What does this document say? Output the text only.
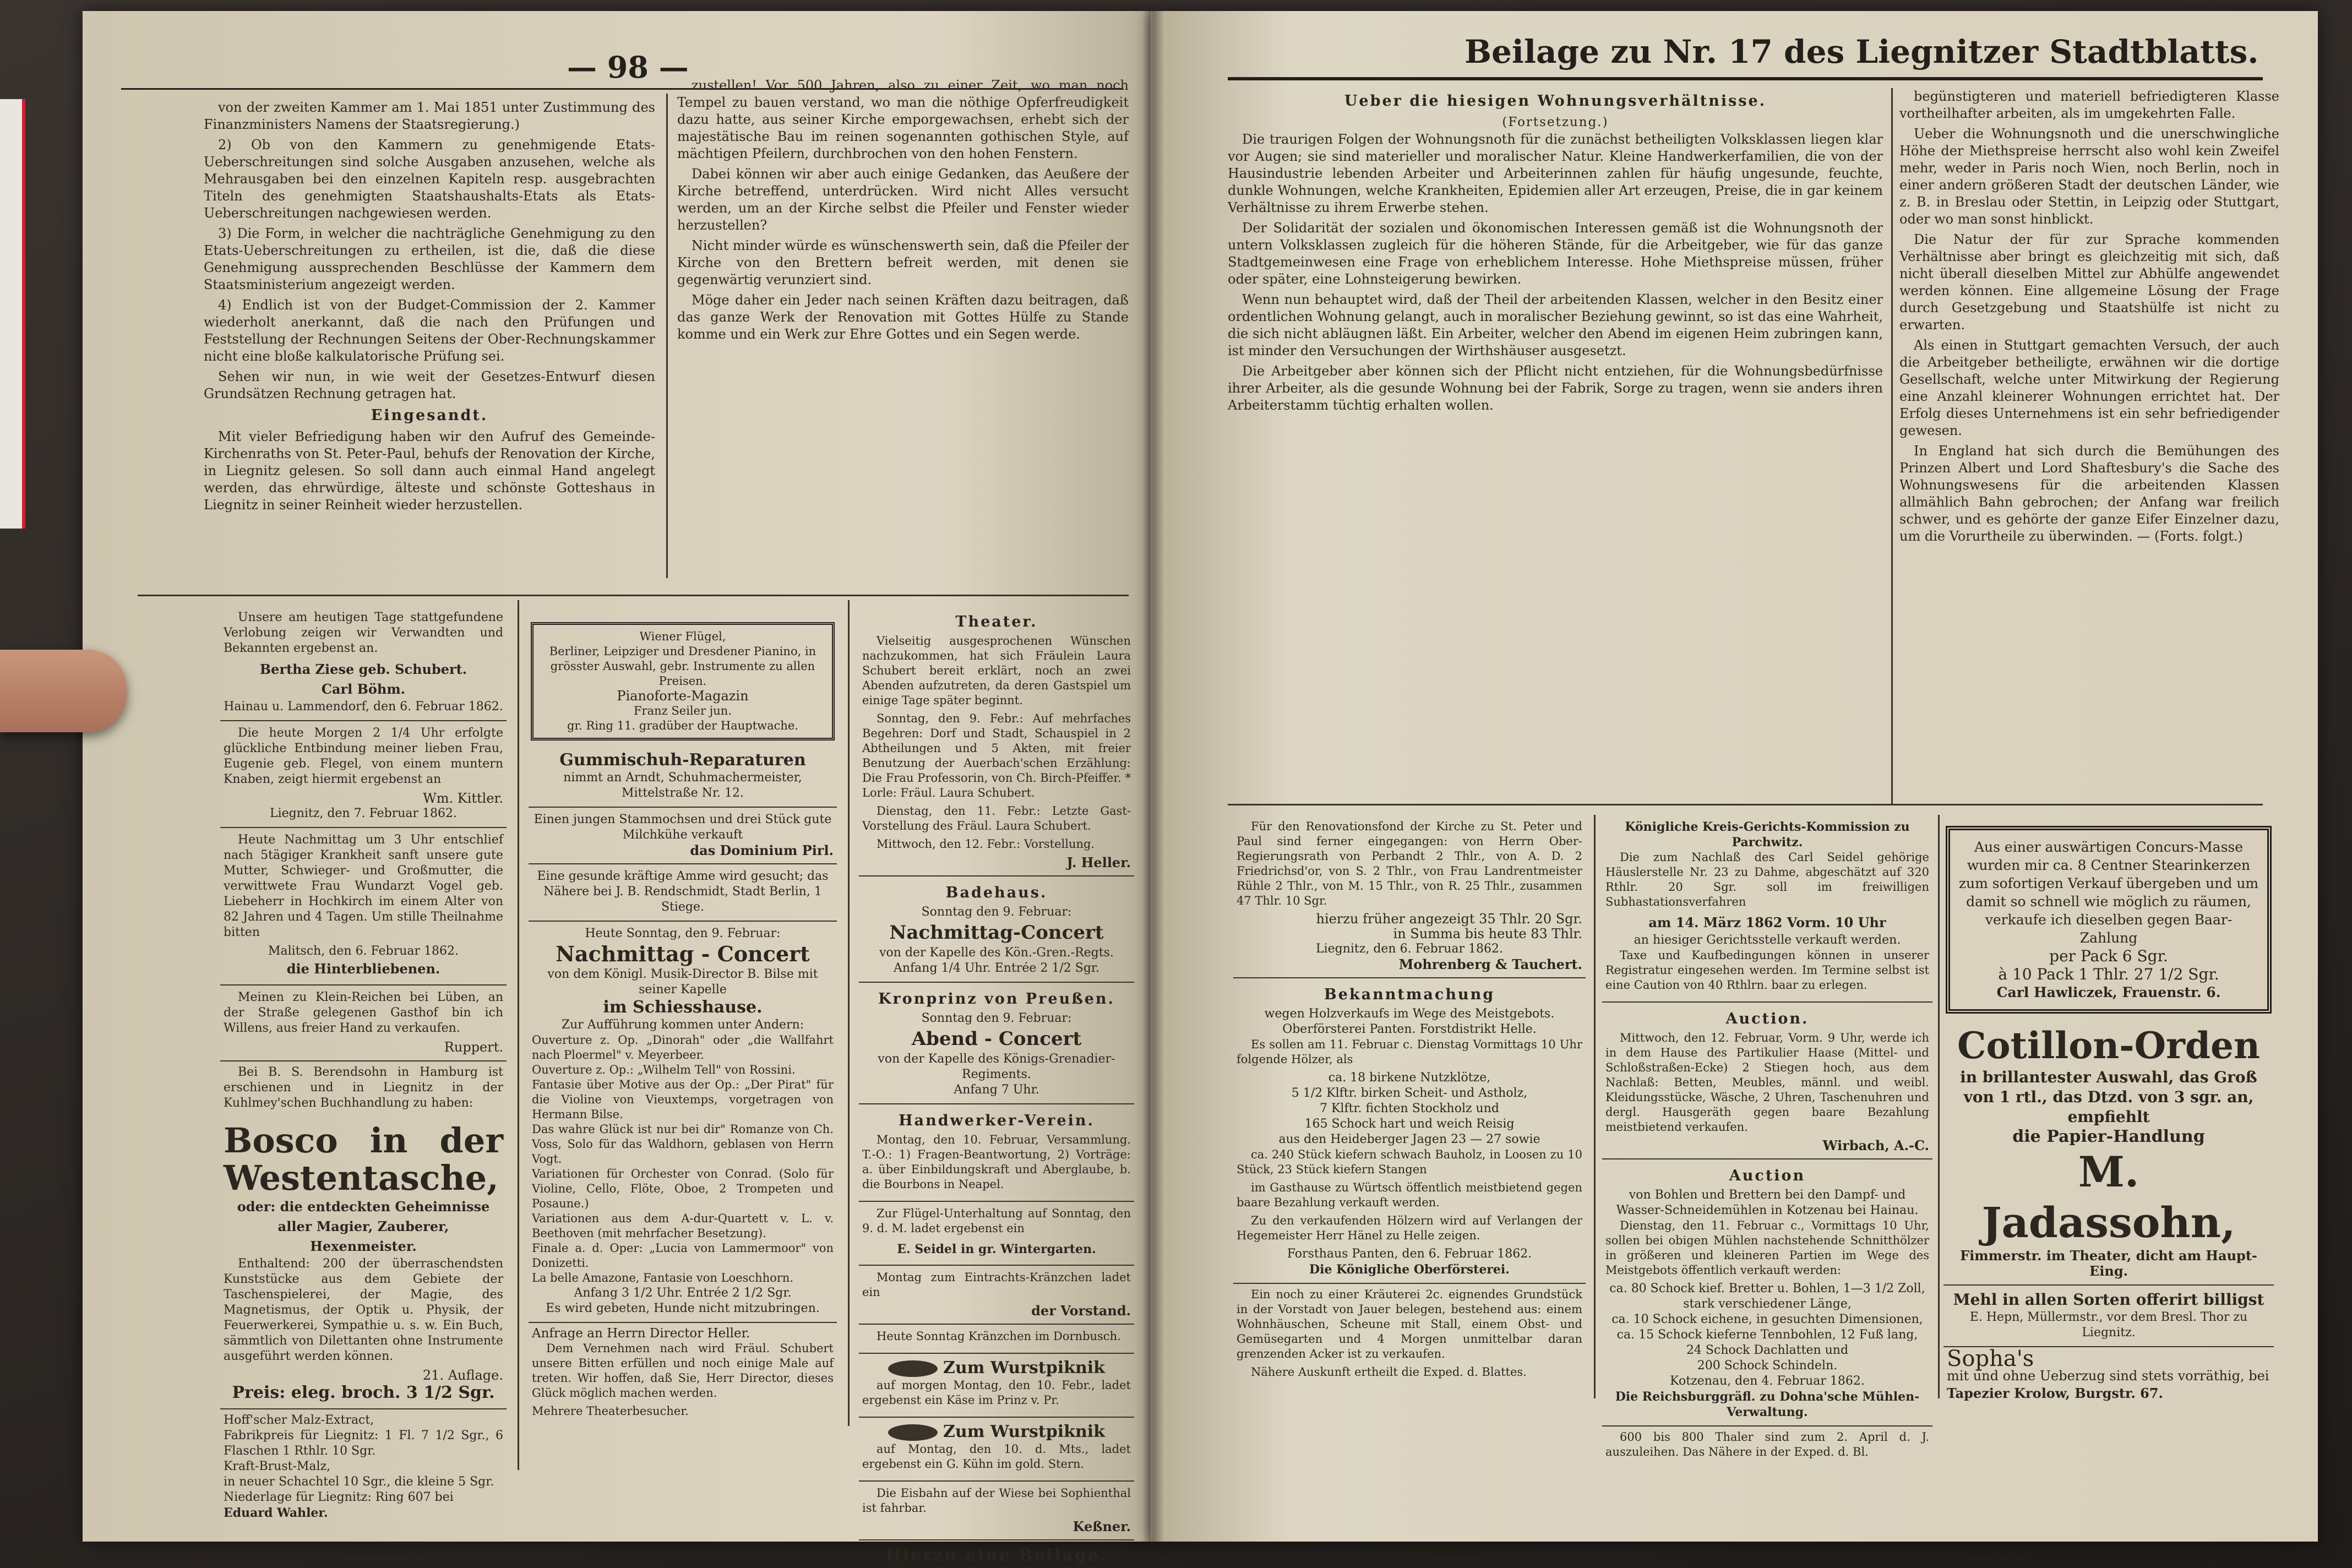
— 98 —

von der zweiten Kammer am 1. Mai 1851 unter Zustimmung des Finanzministers Namens der Staatsregierung.)

2) Ob von den Kammern zu genehmigende Etats-Ueberschreitungen sind solche Ausgaben anzusehen, welche als Mehrausgaben bei den einzelnen Kapiteln resp. ausgebrachten Titeln des genehmigten Staatshaushalts-Etats als Etats-Ueberschreitungen nachgewiesen werden.

3) Die Form, in welcher die nachträgliche Genehmigung zu den Etats-Ueberschreitungen zu ertheilen, ist die, daß die diese Genehmigung aussprechenden Beschlüsse der Kammern dem Staatsministerium angezeigt werden.

4) Endlich ist von der Budget-Commission der 2. Kammer wiederholt anerkannt, daß die nach den Prüfungen und Feststellung der Rechnungen Seitens der Ober-Rechnungskammer nicht eine bloße kalkulatorische Prüfung sei.

Sehen wir nun, in wie weit der Gesetzes-Entwurf diesen Grundsätzen Rechnung getragen hat.

Eingesandt.

Mit vieler Befriedigung haben wir den Aufruf des Gemeinde-Kirchenraths von St. Peter-Paul, behufs der Renovation der Kirche, in Liegnitz gelesen. So soll dann auch einmal Hand angelegt werden, das ehrwürdige, älteste und schönste Gotteshaus in Liegnitz in seiner Reinheit wieder herzustellen.

zustellen! Vor 500 Jahren, also zu einer Zeit, wo man noch Tempel zu bauen verstand, wo man die nöthige Opferfreudigkeit dazu hatte, aus seiner Kirche emporgewachsen, erhebt sich der majestätische Bau im reinen sogenannten gothischen Style, auf mächtigen Pfeilern, durchbrochen von den hohen Fenstern.

Dabei können wir aber auch einige Gedanken, das Aeußere der Kirche betreffend, unterdrücken. Wird nicht Alles versucht werden, um an der Kirche selbst die Pfeiler und Fenster wieder herzustellen?

Nicht minder würde es wünschenswerth sein, daß die Pfeiler der Kirche von den Brettern befreit werden, mit denen sie gegenwärtig verunziert sind.

Möge daher ein Jeder nach seinen Kräften dazu beitragen, daß das ganze Werk der Renovation mit Gottes Hülfe zu Stande komme und ein Werk zur Ehre Gottes und ein Segen werde.

Unsere am heutigen Tage stattgefundene Verlobung zeigen wir Verwandten und Bekannten ergebenst an.

Bertha Ziese geb. Schubert.
Carl Böhm.
Hainau u. Lammendorf, den 6. Februar 1862.

Die heute Morgen 2 1/4 Uhr erfolgte glückliche Entbindung meiner lieben Frau, Eugenie geb. Flegel, von einem muntern Knaben, zeigt hiermit ergebenst an

Wm. Kittler.
Liegnitz, den 7. Februar 1862.

Heute Nachmittag um 3 Uhr entschlief nach 5tägiger Krankheit sanft unsere gute Mutter, Schwieger- und Großmutter, die verwittwete Frau Wundarzt Vogel geb. Liebeherr in Hochkirch im einem Alter von 82 Jahren und 4 Tagen. Um stille Theilnahme bitten

Malitsch, den 6. Februar 1862.
die Hinterbliebenen.

Meinen zu Klein-Reichen bei Lüben, an der Straße gelegenen Gasthof bin ich Willens, aus freier Hand zu verkaufen.

Ruppert.

Bei B. S. Berendsohn in Hamburg ist erschienen und in Liegnitz in der Kuhlmey'schen Buchhandlung zu haben:

Bosco in der Westentasche,
oder: die entdeckten Geheimnisse aller Magier, Zauberer, Hexenmeister.

Enthaltend: 200 der überraschendsten Kunststücke aus dem Gebiete der Taschenspielerei, der Magie, des Magnetismus, der Optik u. Physik, der Feuerwerkerei, Sympathie u. s. w. Ein Buch, sämmtlich von Dilettanten ohne Instrumente ausgeführt werden können.

21. Auflage.
Preis: eleg. broch. 3 1/2 Sgr.
Hoff'scher Malz-Extract,
Fabrikpreis für Liegnitz: 1 Fl. 7 1/2 Sgr., 6 Flaschen 1 Rthlr. 10 Sgr.
Kraft-Brust-Malz,
in neuer Schachtel 10 Sgr., die kleine 5 Sgr.
Niederlage für Liegnitz: Ring 607 bei
Eduard Wahler.
Wiener Flügel,
Berliner, Leipziger und Dresdener Pianino, in grösster Auswahl, gebr. Instrumente zu allen Preisen.
Pianoforte-Magazin
Franz Seiler jun.
gr. Ring 11. gradüber der Hauptwache.
Gummischuh-Reparaturen
nimmt an Arndt, Schuhmachermeister, Mittelstraße Nr. 12.
Einen jungen Stammochsen und drei Stück gute Milchkühe verkauft
das Dominium Pirl.
Eine gesunde kräftige Amme wird gesucht; das Nähere bei J. B. Rendschmidt, Stadt Berlin, 1 Stiege.
Heute Sonntag, den 9. Februar:
Nachmittag - Concert
von dem Königl. Musik-Director B. Bilse mit seiner Kapelle
im Schiesshause.
Zur Aufführung kommen unter Andern:
Ouverture z. Op. „Dinorah" oder „die Wallfahrt nach Ploermel" v. Meyerbeer.
Ouverture z. Op.: „Wilhelm Tell" von Rossini.
Fantasie über Motive aus der Op.: „Der Pirat" für die Violine von Vieuxtemps, vorgetragen von Hermann Bilse.
Das wahre Glück ist nur bei dir" Romanze von Ch. Voss, Solo für das Waldhorn, geblasen von Herrn Vogt.
Variationen für Orchester von Conrad. (Solo für Violine, Cello, Flöte, Oboe, 2 Trompeten und Posaune.)
Variationen aus dem A-dur-Quartett v. L. v. Beethoven (mit mehrfacher Besetzung).
Finale a. d. Oper: „Lucia von Lammermoor" von Donizetti.
La belle Amazone, Fantasie von Loeschhorn.
Anfang 3 1/2 Uhr. Entrée 2 1/2 Sgr.
Es wird gebeten, Hunde nicht mitzubringen.
Anfrage an Herrn Director Heller.

Dem Vernehmen nach wird Fräul. Schubert unsere Bitten erfüllen und noch einige Male auf treten. Wir hoffen, daß Sie, Herr Director, dieses Glück möglich machen werden.

Mehrere Theaterbesucher.
Theater.

Vielseitig ausgesprochenen Wünschen nachzukommen, hat sich Fräulein Laura Schubert bereit erklärt, noch an zwei Abenden aufzutreten, da deren Gastspiel um einige Tage später beginnt.

Sonntag, den 9. Febr.: Auf mehrfaches Begehren: Dorf und Stadt, Schauspiel in 2 Abtheilungen und 5 Akten, mit freier Benutzung der Auerbach'schen Erzählung: Die Frau Professorin, von Ch. Birch-Pfeiffer. * Lorle: Fräul. Laura Schubert.

Dienstag, den 11. Febr.: Letzte Gast-Vorstellung des Fräul. Laura Schubert.

Mittwoch, den 12. Febr.: Vorstellung.

J. Heller.
Badehaus.
Sonntag den 9. Februar:
Nachmittag-Concert
von der Kapelle des Kön.-Gren.-Regts.
Anfang 1/4 Uhr. Entrée 2 1/2 Sgr.
Kronprinz von Preußen.
Sonntag den 9. Februar:
Abend - Concert
von der Kapelle des Königs-Grenadier-Regiments.
Anfang 7 Uhr.
Handwerker-Verein.

Montag, den 10. Februar, Versammlung. T.-O.: 1) Fragen-Beantwortung, 2) Vorträge: a. über Einbildungskraft und Aberglaube, b. die Bourbons in Neapel.

Zur Flügel-Unterhaltung auf Sonntag, den 9. d. M. ladet ergebenst ein

E. Seidel in gr. Wintergarten.

Montag zum Eintrachts-Kränzchen ladet ein

der Vorstand.

Heute Sonntag Kränzchen im Dornbusch.

Zum Wurstpiknik

auf morgen Montag, den 10. Febr., ladet ergebenst ein Käse im Prinz v. Pr.

Zum Wurstpiknik

auf Montag, den 10. d. Mts., ladet ergebenst ein G. Kühn im gold. Stern.

Die Eisbahn auf der Wiese bei Sophienthal ist fahrbar.

Keßner.
Hierzu eine Beilage.
Beilage zu Nr. 17 des Liegnitzer Stadtblatts.
Ueber die hiesigen Wohnungsverhältnisse.
(Fortsetzung.)

Die traurigen Folgen der Wohnungsnoth für die zunächst betheiligten Volksklassen liegen klar vor Augen; sie sind materieller und moralischer Natur. Kleine Handwerkerfamilien, die von der Hausindustrie lebenden Arbeiter und Arbeiterinnen zahlen für häufig ungesunde, feuchte, dunkle Wohnungen, welche Krankheiten, Epidemien aller Art erzeugen, Preise, die in gar keinem Verhältnisse zu ihrem Erwerbe stehen.

Der Solidarität der sozialen und ökonomischen Interessen gemäß ist die Wohnungsnoth der untern Volksklassen zugleich für die höheren Stände, für die Arbeitgeber, wie für das ganze Stadtgemeinwesen eine Frage von erheblichem Interesse. Hohe Miethspreise müssen, früher oder später, eine Lohnsteigerung bewirken.

Wenn nun behauptet wird, daß der Theil der arbeitenden Klassen, welcher in den Besitz einer ordentlichen Wohnung gelangt, auch in moralischer Beziehung gewinnt, so ist das eine Wahrheit, die sich nicht abläugnen läßt. Ein Arbeiter, welcher den Abend im eigenen Heim zubringen kann, ist minder den Versuchungen der Wirthshäuser ausgesetzt.

Die Arbeitgeber aber können sich der Pflicht nicht entziehen, für die Wohnungsbedürfnisse ihrer Arbeiter, als die gesunde Wohnung bei der Fabrik, Sorge zu tragen, wenn sie anders ihren Arbeiterstamm tüchtig erhalten wollen.

begünstigteren und materiell befriedigteren Klasse vortheilhafter arbeiten, als im umgekehrten Falle.

Ueber die Wohnungsnoth und die unerschwingliche Höhe der Miethspreise herrscht also wohl kein Zweifel mehr, weder in Paris noch Wien, noch Berlin, noch in einer andern größeren Stadt der deutschen Länder, wie z. B. in Breslau oder Stettin, in Leipzig oder Stuttgart, oder wo man sonst hinblickt.

Die Natur der für zur Sprache kommenden Verhältnisse aber bringt es gleichzeitig mit sich, daß nicht überall dieselben Mittel zur Abhülfe angewendet werden können. Eine allgemeine Lösung der Frage durch Gesetzgebung und Staatshülfe ist nicht zu erwarten.

Als einen in Stuttgart gemachten Versuch, der auch die Arbeitgeber betheiligte, erwähnen wir die dortige Gesellschaft, welche unter Mitwirkung der Regierung eine Anzahl kleinerer Wohnungen errichtet hat. Der Erfolg dieses Unternehmens ist ein sehr befriedigender gewesen.

In England hat sich durch die Bemühungen des Prinzen Albert und Lord Shaftesbury's die Sache des Wohnungswesens für die arbeitenden Klassen allmählich Bahn gebrochen; der Anfang war freilich schwer, und es gehörte der ganze Eifer Einzelner dazu, um die Vorurtheile zu überwinden. — (Forts. folgt.)

Für den Renovationsfond der Kirche zu St. Peter und Paul sind ferner eingegangen: von Herrn Ober-Regierungsrath von Perbandt 2 Thlr., von A. D. 2 Friedrichsd'or, von S. 2 Thlr., von Frau Landrentmeister Rühle 2 Thlr., von M. 15 Thlr., von R. 25 Thlr., zusammen 47 Thlr. 10 Sgr.

hierzu früher angezeigt 35 Thlr. 20 Sgr.
in Summa bis heute 83 Thlr.
Liegnitz, den 6. Februar 1862.
Mohrenberg & Tauchert.
Bekanntmachung
wegen Holzverkaufs im Wege des Meistgebots.
Oberförsterei Panten. Forstdistrikt Helle.

Es sollen am 11. Februar c. Dienstag Vormittags 10 Uhr folgende Hölzer, als

ca. 18 birkene Nutzklötze,
5 1/2 Klftr. birken Scheit- und Astholz,
7 Klftr. fichten Stockholz und
165 Schock hart und weich Reisig
aus den Heideberger Jagen 23 — 27 sowie

ca. 240 Stück kiefern schwach Bauholz, in Loosen zu 10 Stück, 23 Stück kiefern Stangen

im Gasthause zu Würtsch öffentlich meistbietend gegen baare Bezahlung verkauft werden.

Zu den verkaufenden Hölzern wird auf Verlangen der Hegemeister Herr Hänel zu Helle zeigen.

Forsthaus Panten, den 6. Februar 1862.
Die Königliche Oberförsterei.

Ein noch zu einer Kräuterei 2c. eignendes Grundstück in der Vorstadt von Jauer belegen, bestehend aus: einem Wohnhäuschen, Scheune mit Stall, einem Obst- und Gemüsegarten und 4 Morgen unmittelbar daran grenzenden Acker ist zu verkaufen.

Nähere Auskunft ertheilt die Exped. d. Blattes.

Königliche Kreis-Gerichts-Kommission zu Parchwitz.

Die zum Nachlaß des Carl Seidel gehörige Häuslerstelle Nr. 23 zu Dahme, abgeschätzt auf 320 Rthlr. 20 Sgr. soll im freiwilligen Subhastationsverfahren

am 14. März 1862 Vorm. 10 Uhr
an hiesiger Gerichtsstelle verkauft werden.

Taxe und Kaufbedingungen können in unserer Registratur eingesehen werden. Im Termine selbst ist eine Caution von 40 Rthlrn. baar zu erlegen.

Auction.

Mittwoch, den 12. Februar, Vorm. 9 Uhr, werde ich in dem Hause des Partikulier Haase (Mittel- und Schloßstraßen-Ecke) 2 Stiegen hoch, aus dem Nachlaß: Betten, Meubles, männl. und weibl. Kleidungsstücke, Wäsche, 2 Uhren, Taschenuhren und dergl. Hausgeräth gegen baare Bezahlung meistbietend verkaufen.

Wirbach, A.-C.
Auction
von Bohlen und Brettern bei den Dampf- und Wasser-Schneidemühlen in Kotzenau bei Hainau.

Dienstag, den 11. Februar c., Vormittags 10 Uhr, sollen bei obigen Mühlen nachstehende Schnitthölzer in größeren und kleineren Partien im Wege des Meistgebots öffentlich verkauft werden:

ca. 80 Schock kief. Bretter u. Bohlen, 1—3 1/2 Zoll, stark verschiedener Länge,
ca. 10 Schock eichene, in gesuchten Dimensionen,
ca. 15 Schock kieferne Tennbohlen, 12 Fuß lang,
24 Schock Dachlatten und
200 Schock Schindeln.
Kotzenau, den 4. Februar 1862.
Die Reichsburggräfl. zu Dohna'sche Mühlen-Verwaltung.

600 bis 800 Thaler sind zum 2. April d. J. auszuleihen. Das Nähere in der Exped. d. Bl.

Aus einer auswärtigen Concurs-Masse wurden mir ca. 8 Centner Stearinkerzen zum sofortigen Verkauf übergeben und um damit so schnell wie möglich zu räumen, verkaufe ich dieselben gegen Baar-Zahlung
per Pack 6 Sgr.
à 10 Pack 1 Thlr. 27 1/2 Sgr.
Carl Hawliczek, Frauenstr. 6.
Cotillon-Orden
in brillantester Auswahl, das Groß von 1 rtl., das Dtzd. von 3 sgr. an, empfiehlt
die Papier-Handlung
M. Jadassohn,
Fimmerstr. im Theater, dicht am Haupt-Eing.
Mehl in allen Sorten offerirt billigst
E. Hepn, Müllermstr., vor dem Bresl. Thor zu Liegnitz.
Sopha's
mit und ohne Ueberzug sind stets vorräthig, bei
Tapezier Krolow, Burgstr. 67.
